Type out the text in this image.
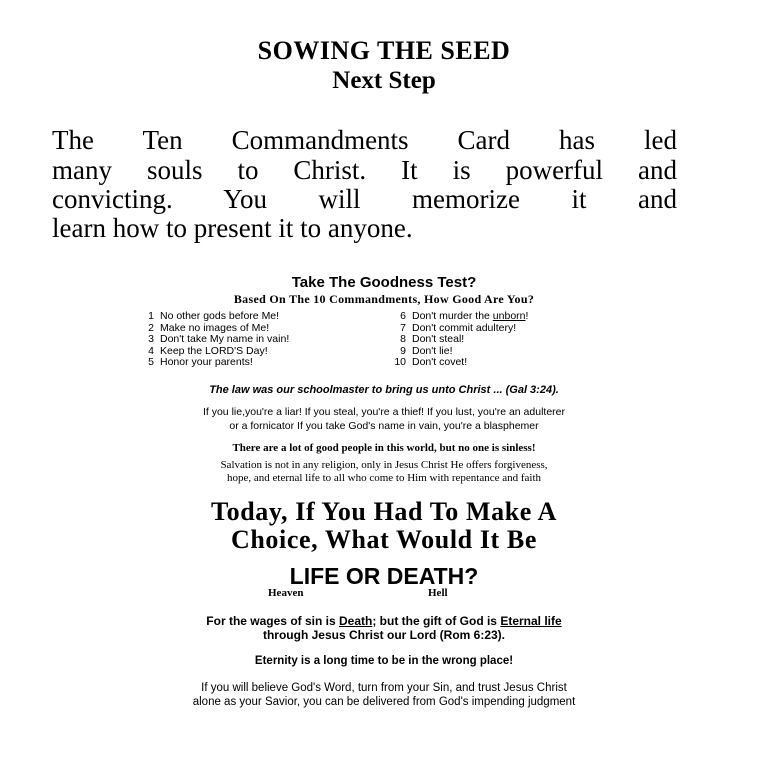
SOWING THE SEED
Next Step
The Ten Commandments Card has led
many souls to Christ. It is powerful and
convicting. You will memorize it and
learn how to present it to anyone.
Take The Goodness Test?
Based On The 10 Commandments, How Good Are You?
1 No other gods before Me!
2 Make no images of Me!
3 Don't take My name in vain!
4 Keep the LORD'S Day!
5 Honor your parents!
6 Don't murder the unborn!
7 Don't commit adultery!
8 Don't steal!
9 Don't lie!
10 Don't covet!
The law was our schoolmaster to bring us unto Christ ... (Gal 3:24).
If you lie,you're a liar! If you steal, you're a thief! If you lust, you're an adulterer
or a fornicator If you take God's name in vain, you're a blasphemer
There are a lot of good people in this world, but no one is sinless!
Salvation is not in any religion, only in Jesus Christ He offers forgiveness,
hope, and eternal life to all who come to Him with repentance and faith
Today, If You Had To Make A
Choice, What Would It Be
LIFE OR DEATH?
Heaven	Hell
For the wages of sin is Death; but the gift of God is Eternal life
through Jesus Christ our Lord (Rom 6:23).
Eternity is a long time to be in the wrong place!
If you will believe God's Word, turn from your Sin, and trust Jesus Christ
alone as your Savior, you can be delivered from God's impending judgment
